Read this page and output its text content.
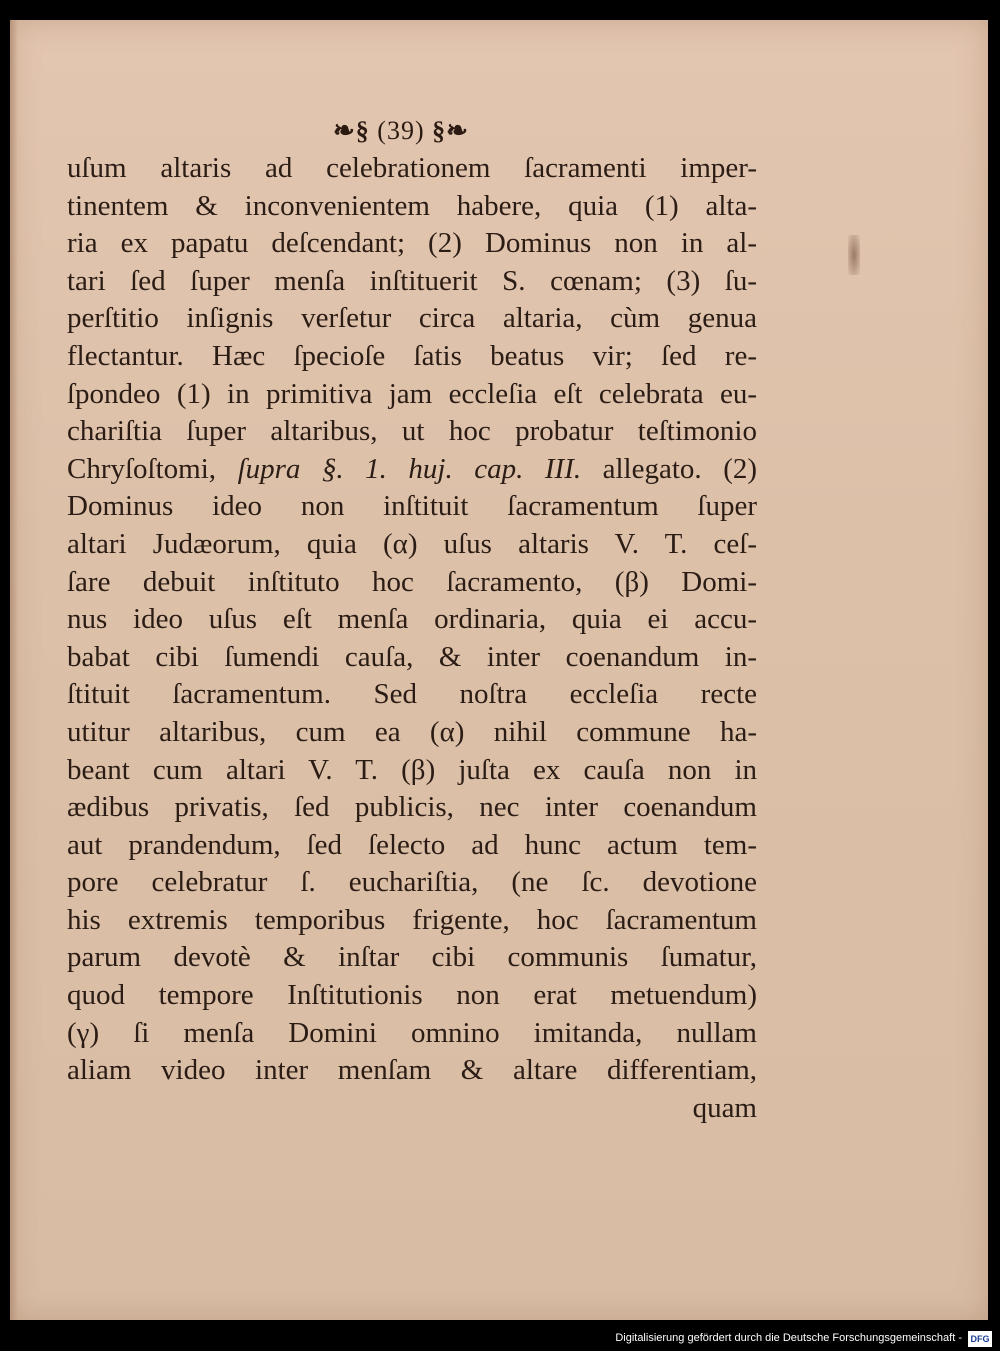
❧§ (39) §❧
uſum altaris ad celebrationem ſacramenti imper-
tinentem & inconvenientem habere, quia (1) alta-
ria ex papatu deſcendant; (2) Dominus non in al-
tari ſed ſuper menſa inſtituerit S. cœnam; (3) ſu-
perſtitio inſignis verſetur circa altaria, cùm genua
flectantur. Hæc ſpecioſe ſatis beatus vir; ſed re-
ſpondeo (1) in primitiva jam eccleſia eſt celebrata eu-
chariſtia ſuper altaribus, ut hoc probatur teſtimonio
Chryſoſtomi, ſupra §. 1. huj. cap. III. allegato. (2)
Dominus ideo non inſtituit ſacramentum ſuper
altari Judæorum, quia (α) uſus altaris V. T. ceſ-
ſare debuit inſtituto hoc ſacramento, (β) Domi-
nus ideo uſus eſt menſa ordinaria, quia ei accu-
babat cibi ſumendi cauſa, & inter coenandum in-
ſtituit ſacramentum. Sed noſtra eccleſia recte
utitur altaribus, cum ea (α) nihil commune ha-
beant cum altari V. T. (β) juſta ex cauſa non in
ædibus privatis, ſed publicis, nec inter coenandum
aut prandendum, ſed ſelecto ad hunc actum tem-
pore celebratur ſ. euchariſtia, (ne ſc. devotione
his extremis temporibus frigente, hoc ſacramentum
parum devotè & inſtar cibi communis ſumatur,
quod tempore Inſtitutionis non erat metuendum)
(γ) ſi menſa Domini omnino imitanda, nullam
aliam video inter menſam & altare differentiam,
quam
Digitalisierung gefördert durch die Deutsche Forschungsgemeinschaft - DFG
